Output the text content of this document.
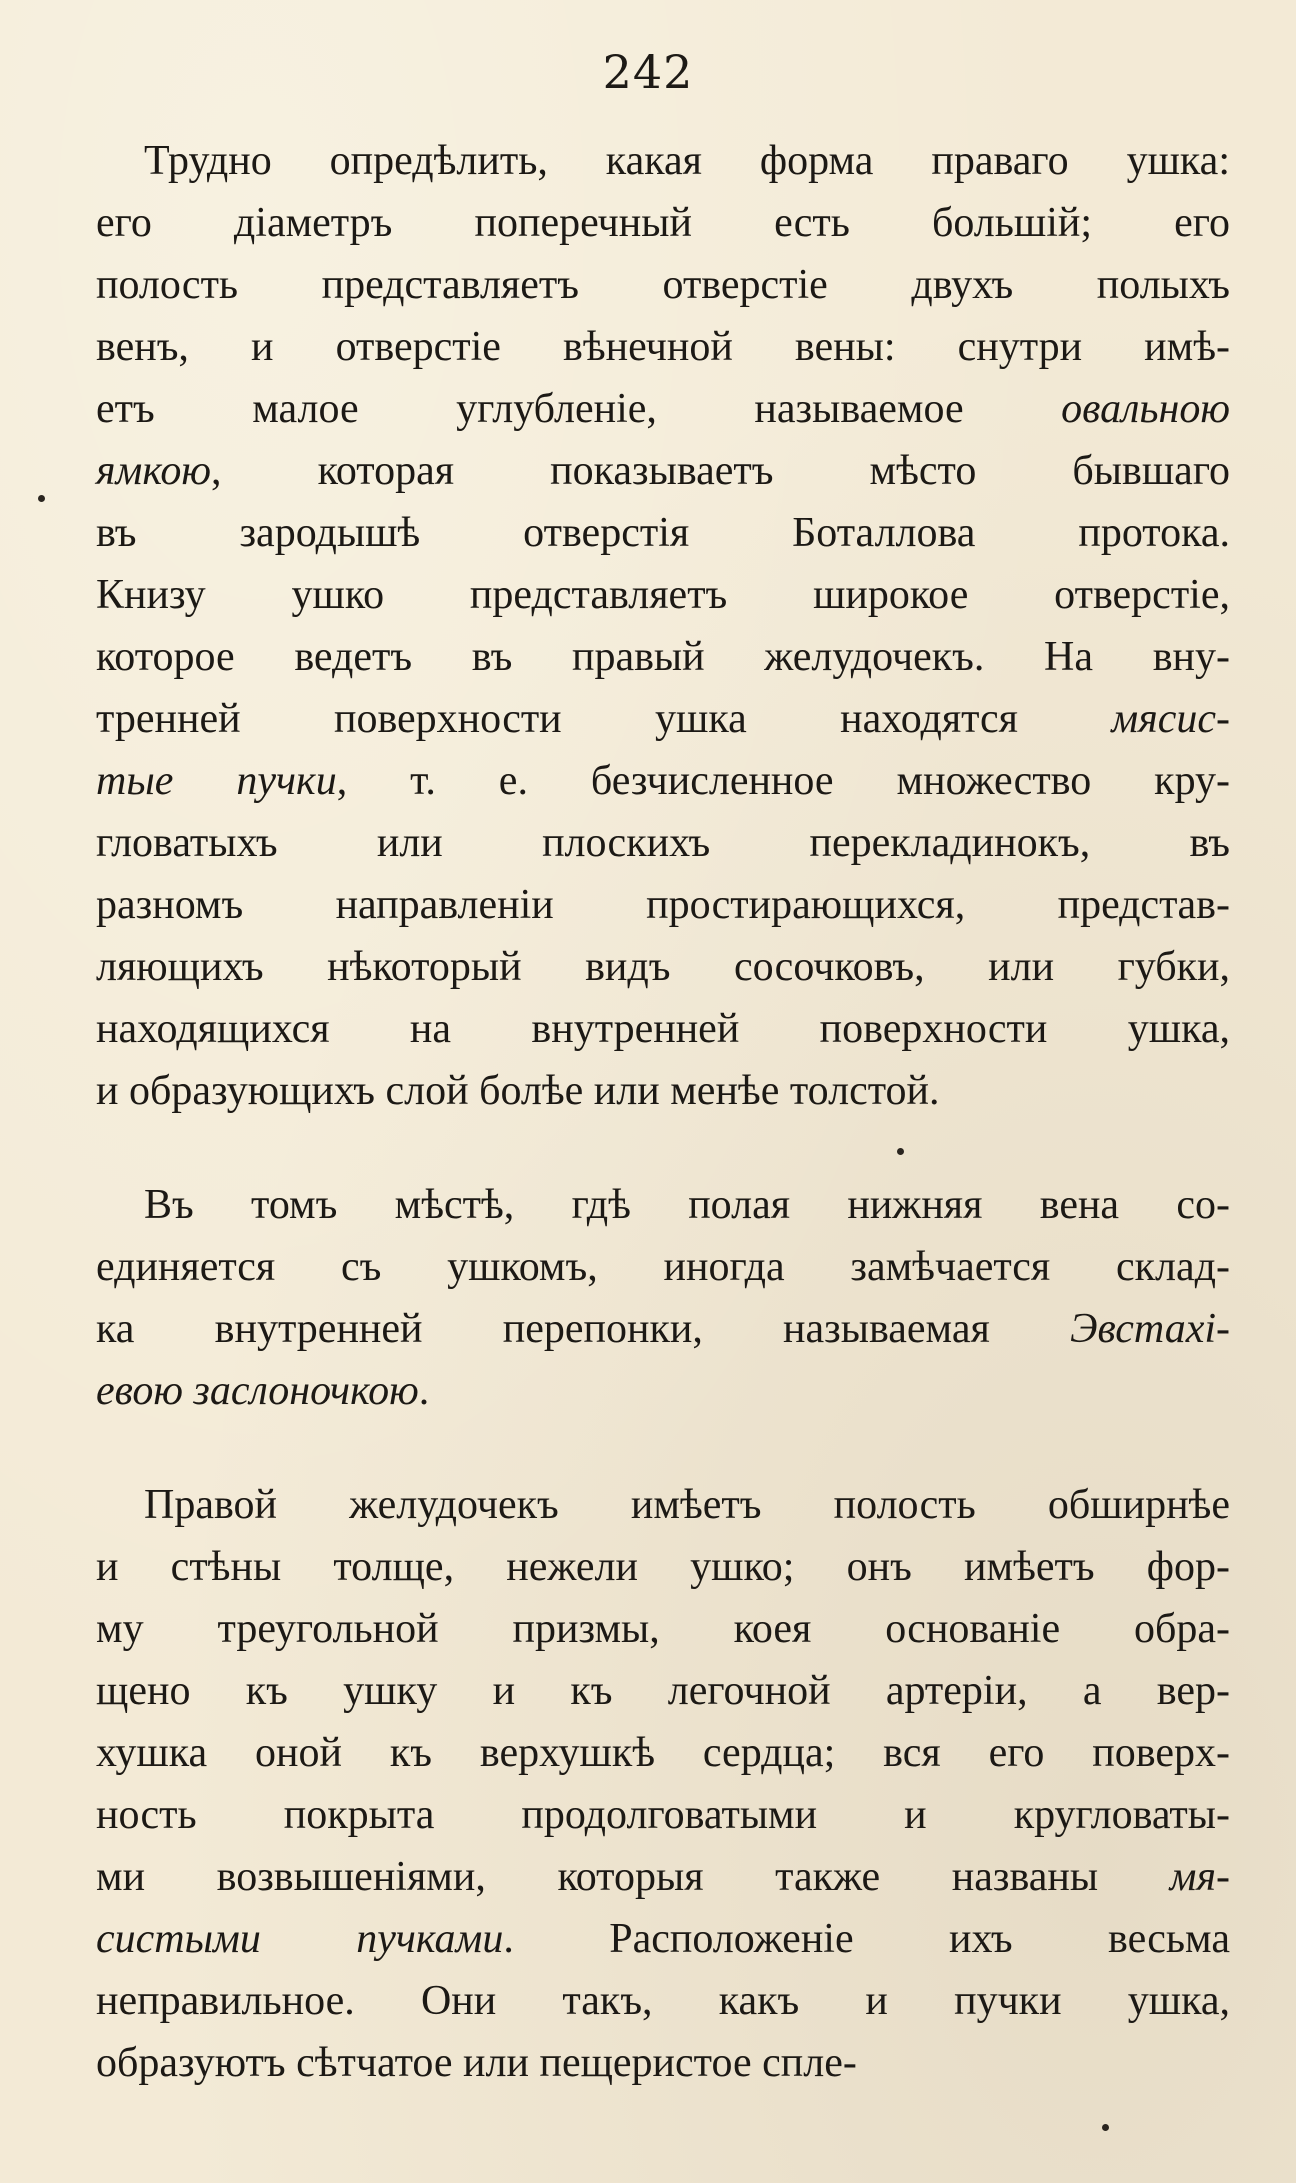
242
Трудно опредѣлить, какая форма праваго ушка:
его діаметръ поперечный есть большій; его
полость представляетъ отверстіе двухъ полыхъ
венъ, и отверстіе вѣнечной вены: снутри имѣ-
етъ малое углубленіе, называемое овальною
ямкою, которая показываетъ мѣсто бывшаго
въ зародышѣ отверстія Боталлова протока.
Книзу ушко представляетъ широкое отверстіе,
которое ведетъ въ правый желудочекъ. На вну-
тренней поверхности ушка находятся мясис-
тые пучки, т. е. безчисленное множество кру-
гловатыхъ или плоскихъ перекладинокъ, въ
разномъ направленіи простирающихся, предстaв-
ляющихъ нѣкоторый видъ сосочковъ, или губки,
находящихся на внутренней поверхности ушка,
и образующихъ слой болѣе или менѣе толстой.
Въ томъ мѣстѣ, гдѣ полая нижняя вена со-
единяется съ ушкомъ, иногда замѣчается склад-
ка внутренней перепонки, называемая Эвстахі-
евою заслоночкою.
Правой желудочекъ имѣетъ полость обширнѣе
и стѣны толще, нежели ушко; онъ имѣетъ фор-
му треугольной призмы, коея основаніе обра-
щено къ ушку и къ легочной артеріи, а вер-
хушка оной къ верхушкѣ сердца; вся его поверх-
ность покрыта продолговатыми и кругловаты-
ми возвышеніями, которыя также названы мя-
систыми пучками. Расположеніе ихъ весьма
неправильное. Они такъ, какъ и пучки ушка,
образуютъ сѣтчатое или пещеристое спле-
